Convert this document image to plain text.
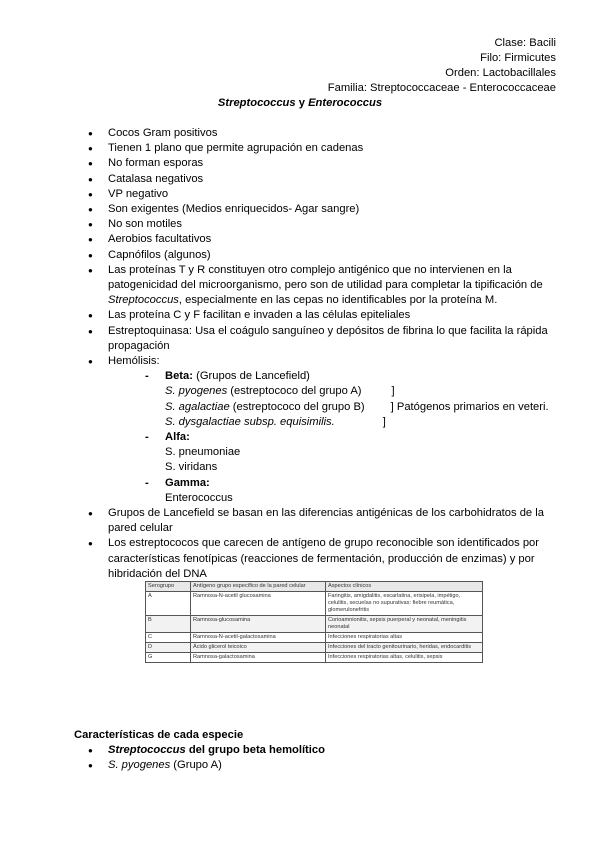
Clase: Bacili
Filo: Firmicutes
Orden: Lactobacillales
Familia: Streptococcaceae - Enterococcaceae
Streptococcus y Enterococcus
● Cocos Gram positivos
● Tienen 1 plano que permite agrupación en cadenas
● No forman esporas
● Catalasa negativos
● VP negativo
● Son exigentes (Medios enriquecidos- Agar sangre)
● No son motiles
● Aerobios facultativos
● Capnófilos (algunos)
● Las proteínas T y R constituyen otro complejo antigénico que no intervienen en la patogenicidad del microorganismo, pero son de utilidad para completar la tipificación de Streptococcus, especialmente en las cepas no identificables por la proteína M.
● Las proteína C y F facilitan e invaden a las células epiteliales
● Estreptoquinasa: Usa el coágulo sanguíneo y depósitos de fibrina lo que facilita la rápida propagación
● Hemólisis:
- Beta: (Grupos de Lancefield)
S. pyogenes (estreptococo del grupo A)	]
S. agalactiae (estreptococo del grupo B) ] Patógenos primarios en veteri.
S. dysgalactiae subsp. equisimilis.	]
- Alfa:
S. pneumoniae
S. viridans
- Gamma:
Enterococcus
● Grupos de Lancefield se basan en las diferencias antigénicas de los carbohidratos de la pared celular
● Los estreptococos que carecen de antígeno de grupo reconocible son identificados por características fenotípicas (reacciones de fermentación, producción de enzimas) y por hibridación del DNA
Serogrupo	Antígeno grupo específico de la pared celular	Aspectos clínicos
A	Ramnosa-N-acetil glucosamina	Faringitis, amigdalitis, escarlatina, erisipela, impétigo, celulitis, secuelas no supurativas: fiebre reumática, glomerulonefritis
B	Ramnosa-glucosamina	Corioamnionitis, sepsis puerperal y neonatal, meningitis neonatal
C	Ramnosa-N-acetil-galactosamina	Infecciones respiratorias altas
D	Ácido glicerol teicoico	Infecciones del tracto genitourinario, heridas, endocarditis
G	Ramnosa-galactosamina	Infecciones respiratorias altas, celulitis, sepsis
Características de cada especie
● Streptococcus del grupo beta hemolítico
● S. pyogenes (Grupo A)
